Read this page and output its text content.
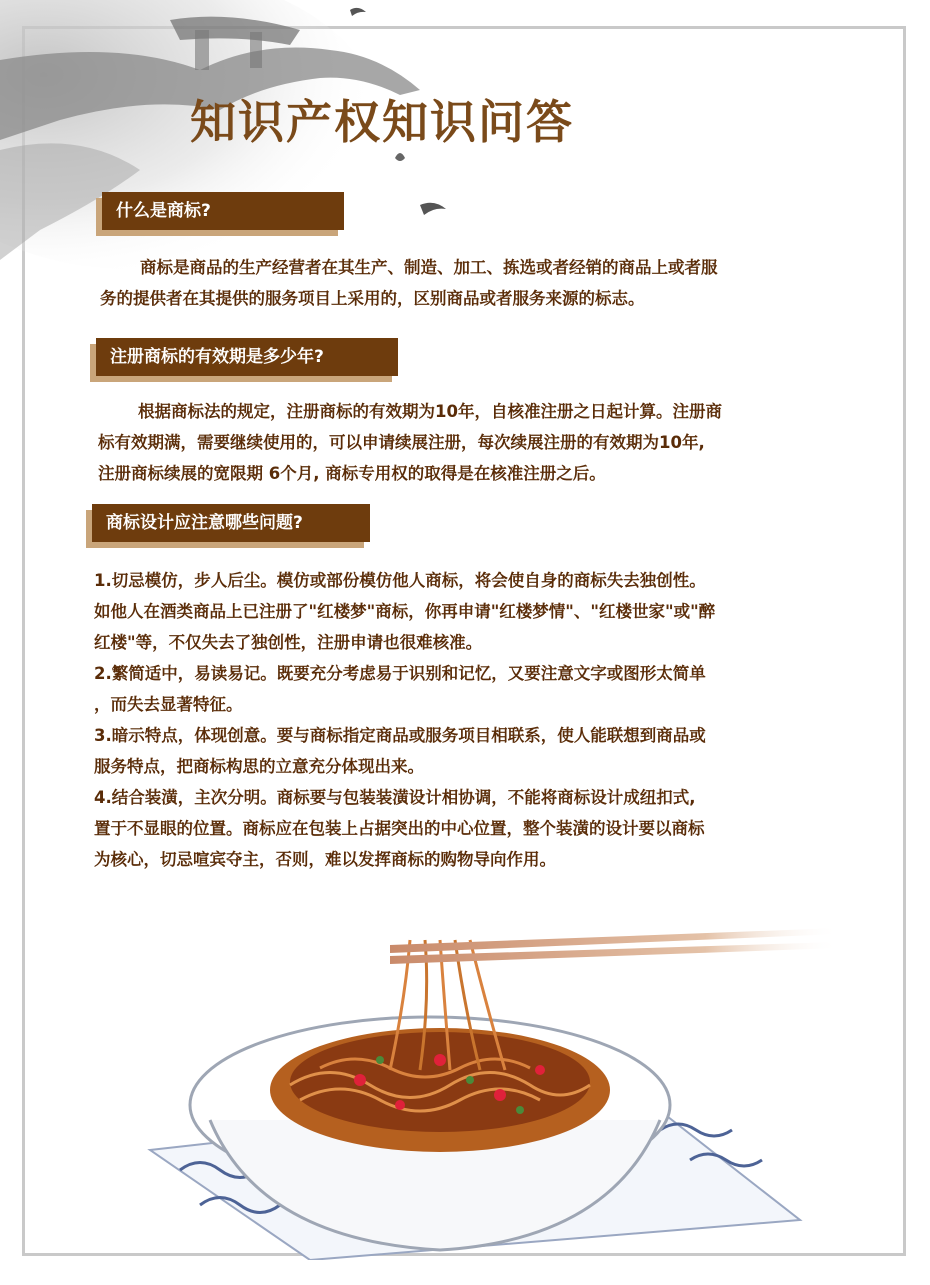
知识产权知识问答
什么是商标?

商标是商品的生产经营者在其生产、制造、加工、拣选或者经销的商品上或者服
务的提供者在其提供的服务项目上采用的，区别商品或者服务来源的标志。

注册商标的有效期是多少年?

根据商标法的规定，注册商标的有效期为10年，自核准注册之日起计算。注册商
标有效期满，需要继续使用的，可以申请续展注册，每次续展注册的有效期为10年,
注册商标续展的宽限期 6个月, 商标专用权的取得是在核准注册之后。

商标设计应注意哪些问题?

1.切忌模仿，步人后尘。模仿或部份模仿他人商标，将会使自身的商标失去独创性。
如他人在酒类商品上已注册了"红楼梦"商标，你再申请"红楼梦情"、"红楼世家"或"醉
红楼"等，不仅失去了独创性，注册申请也很难核准。
2.繁简适中，易读易记。既要充分考虑易于识别和记忆，又要注意文字或图形太简单
，而失去显著特征。
3.暗示特点，体现创意。要与商标指定商品或服务项目相联系，使人能联想到商品或
服务特点，把商标构思的立意充分体现出来。
4.结合装潢，主次分明。商标要与包装装潢设计相协调，不能将商标设计成纽扣式,
置于不显眼的位置。商标应在包装上占据突出的中心位置，整个装潢的设计要以商标
为核心，切忌喧宾夺主，否则，难以发挥商标的购物导向作用。
